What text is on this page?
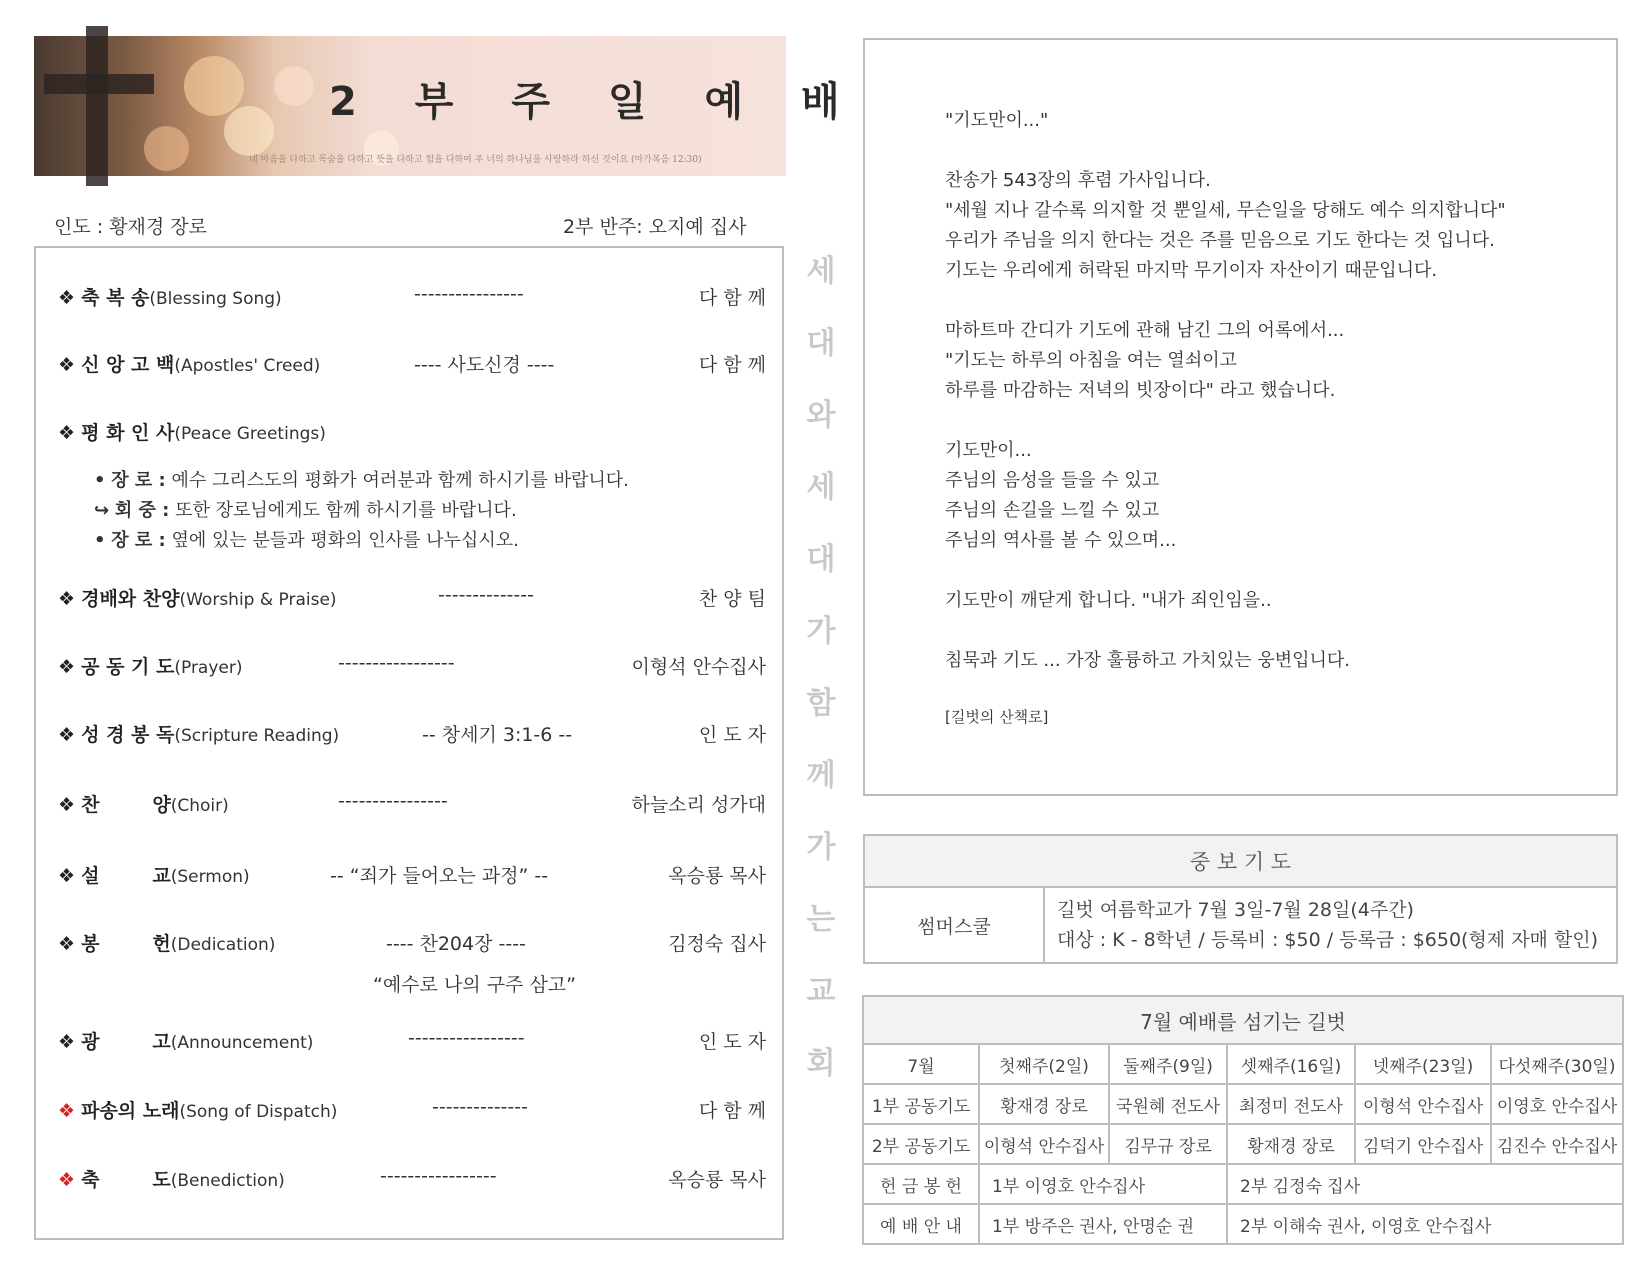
2 부 주 일 예 배
네 마음을 다하고 목숨을 다하고 뜻을 다하고 힘을 다하여 주 너의 하나님을 사랑하라 하신 것이요 (마가복음 12:30)
인도 : 황재경 장로	2부 반주: 오지예 집사
❖ 축 복 송(Blessing Song)	----------------	다 함 께
❖ 신 앙 고 백(Apostles' Creed)	---- 사도신경 ----	다 함 께
❖ 평 화 인 사(Peace Greetings)
• 장 로 : 예수 그리스도의 평화가 여러분과 함께 하시기를 바랍니다.
↪ 회 중 : 또한 장로님에게도 함께 하시기를 바랍니다.
• 장 로 : 옆에 있는 분들과 평화의 인사를 나누십시오.
❖ 경배와 찬양(Worship & Praise)	--------------	찬 양 팀
❖ 공 동 기 도(Prayer)	-----------------	이형석 안수집사
❖ 성 경 봉 독(Scripture Reading)	-- 창세기 3:1-6 --	인 도 자
❖ 찬        양(Choir)	----------------	하늘소리 성가대
❖ 설        교(Sermon)	-- “죄가 들어오는 과정” --	옥승룡 목사
❖ 봉        헌(Dedication)	---- 찬204장 ----	김정숙 집사
“예수로 나의 구주 삼고”
❖ 광        고(Announcement)	-----------------	인 도 자
❖ 파송의 노래(Song of Dispatch)	--------------	다 함 께
❖ 축        도(Benediction)	-----------------	옥승룡 목사
세
대
와
세
대
가
함
께
가
는
교
회
"기도만이..."
찬송가 543장의 후렴 가사입니다.
"세월 지나 갈수록 의지할 것 뿐일세, 무슨일을 당해도 예수 의지합니다"
우리가 주님을 의지 한다는 것은 주를 믿음으로 기도 한다는 것 입니다.
기도는 우리에게 허락된 마지막 무기이자 자산이기 때문입니다.
마하트마 간디가 기도에 관해 남긴 그의 어록에서...
"기도는 하루의 아침을 여는 열쇠이고
하루를 마감하는 저녁의 빗장이다" 라고 했습니다.
기도만이...
주님의 음성을 들을 수 있고
주님의 손길을 느낄 수 있고
주님의 역사를 볼 수 있으며...
기도만이 깨닫게 합니다. "내가 죄인임을..
침묵과 기도 ... 가장 훌륭하고 가치있는 웅변입니다.
[길벗의 산책로]
중 보 기 도
썸머스쿨	
길벗 여름학교가 7월 3일-7월 28일(4주간)
대상 : K - 8학년 / 등록비 : $50 / 등록금 : $650(형제 자매 할인)
7월 예배를 섬기는 길벗					
7월	첫째주(2일)	둘째주(9일)	셋째주(16일)	넷째주(23일)	다섯째주(30일)
1부 공동기도	황재경 장로	국원혜 전도사	최정미 전도사	이형석 안수집사	이영호 안수집사
2부 공동기도	이형석 안수집사	김무규 장로	황재경 장로	김덕기 안수집사	김진수 안수집사
헌 금 봉 헌	1부 이영호 안수집사		2부 김정숙 집사		
예 배 안 내	1부 방주은 권사, 안명순 권		2부 이해숙 권사, 이영호 안수집사		
